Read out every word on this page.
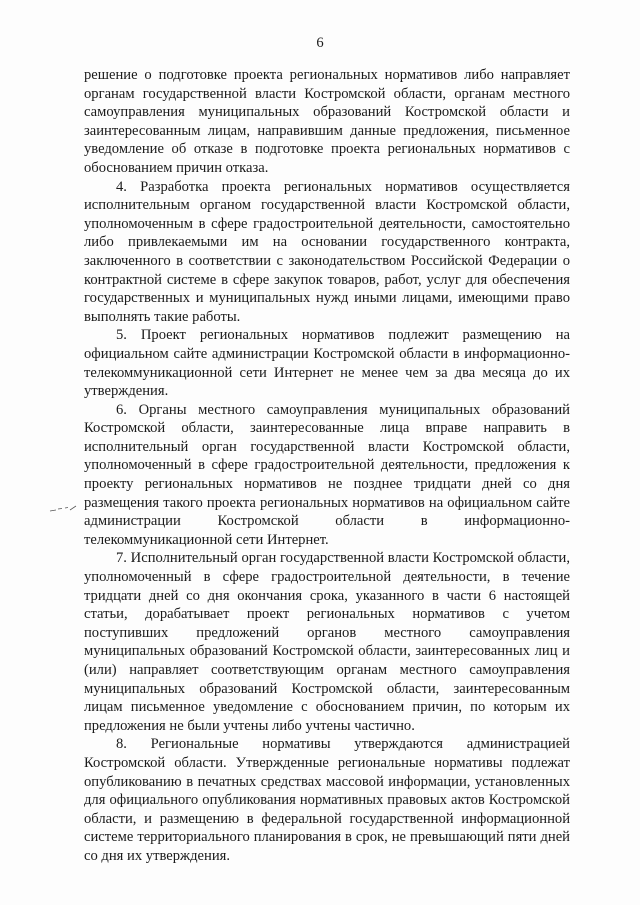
6

решение о подготовке проекта региональных нормативов либо направляет органам государственной власти Костромской области, органам местного самоуправления муниципальных образований Костромской области и заинтересованным лицам, направившим данные предложения, письменное уведомление об отказе в подготовке проекта региональных нормативов с обоснованием причин отказа.

4. Разработка проекта региональных нормативов осуществляется исполнительным органом государственной власти Костромской области, уполномоченным в сфере градостроительной деятельности, самостоятельно либо привлекаемыми им на основании государственного контракта, заключенного в соответствии с законодательством Российской Федерации о контрактной системе в сфере закупок товаров, работ, услуг для обеспечения государственных и муниципальных нужд иными лицами, имеющими право выполнять такие работы.

5. Проект региональных нормативов подлежит размещению на официальном сайте администрации Костромской области в информационно-телекоммуникационной сети Интернет не менее чем за два месяца до их утверждения.

6. Органы местного самоуправления муниципальных образований Костромской области, заинтересованные лица вправе направить в исполнительный орган государственной власти Костромской области, уполномоченный в сфере градостроительной деятельности, предложения к проекту региональных нормативов не позднее тридцати дней со дня размещения такого проекта региональных нормативов на официальном сайте администрации Костромской области в информационно-телекоммуникационной сети Интернет.

7. Исполнительный орган государственной власти Костромской области, уполномоченный в сфере градостроительной деятельности, в течение тридцати дней со дня окончания срока, указанного в части 6 настоящей статьи, дорабатывает проект региональных нормативов с учетом поступивших предложений органов местного самоуправления муниципальных образований Костромской области, заинтересованных лиц и (или) направляет соответствующим органам местного самоуправления муниципальных образований Костромской области, заинтересованным лицам письменное уведомление с обоснованием причин, по которым их предложения не были учтены либо учтены частично.

8. Региональные нормативы утверждаются администрацией Костромской области. Утвержденные региональные нормативы подлежат опубликованию в печатных средствах массовой информации, установленных для официального опубликования нормативных правовых актов Костромской области, и размещению в федеральной государственной информационной системе территориального планирования в срок, не превышающий пяти дней со дня их утверждения.
